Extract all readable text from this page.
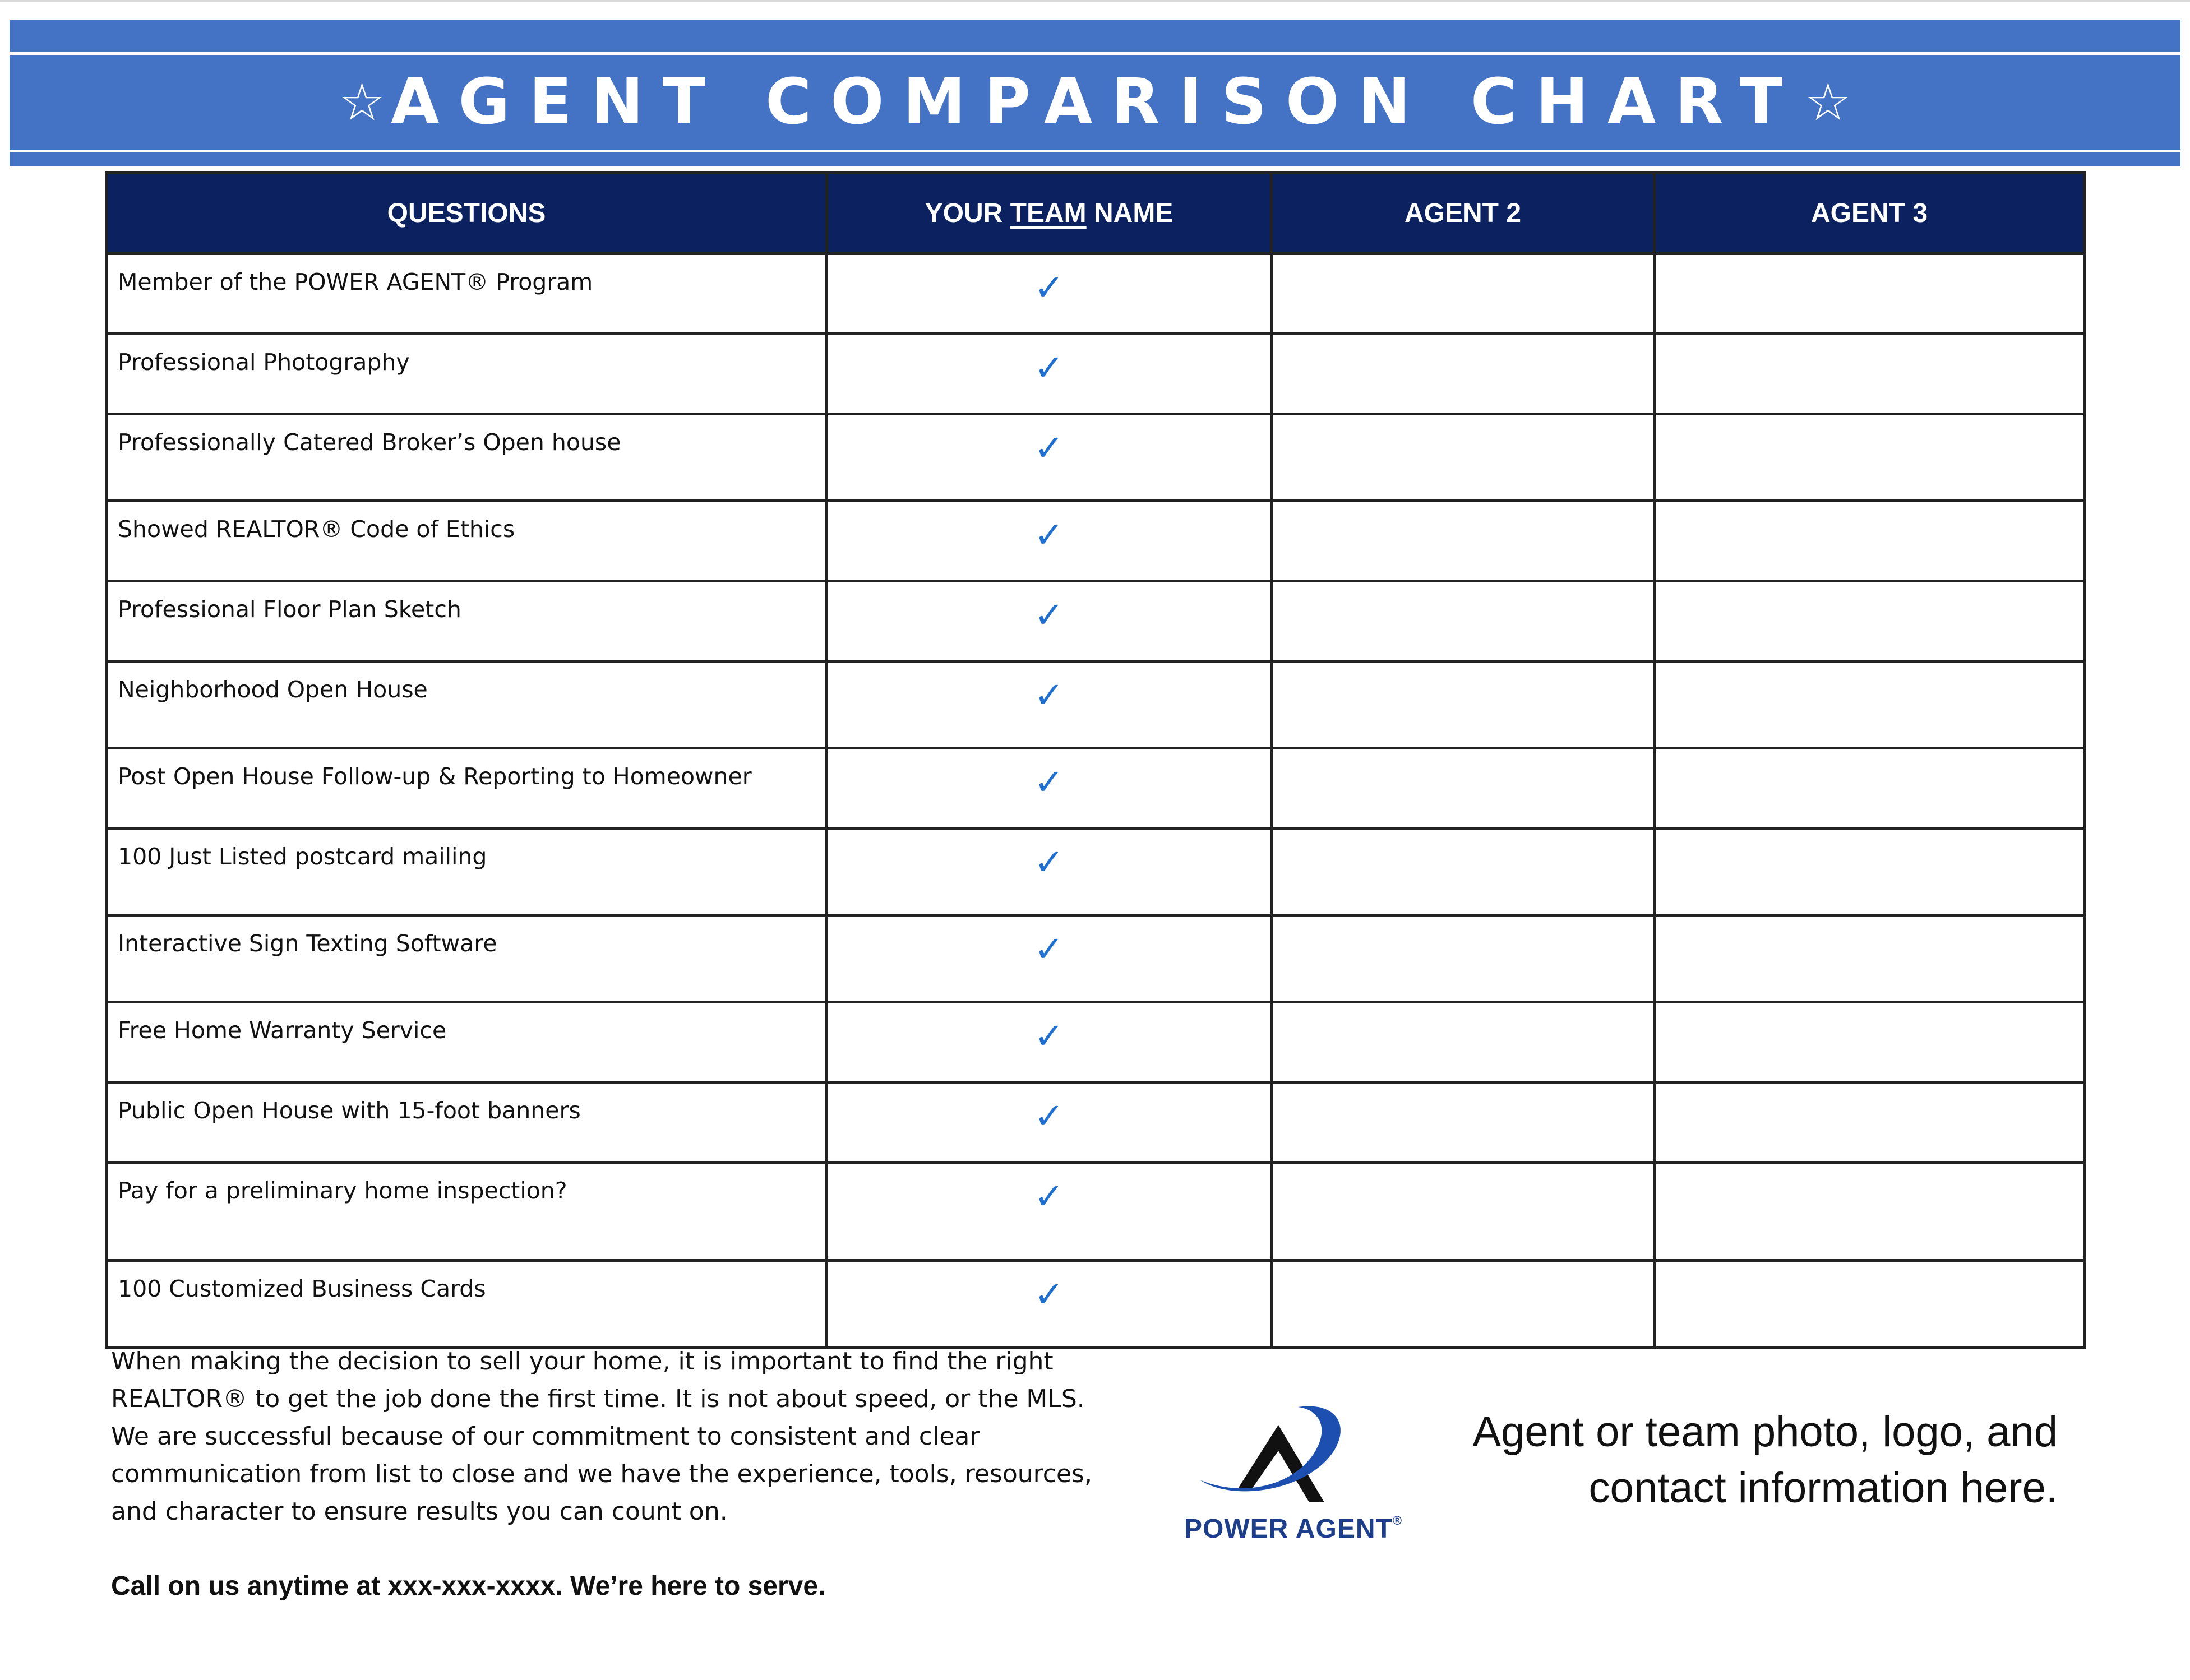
☆ AGENT COMPARISON CHART ☆
QUESTIONS	YOUR TEAM NAME	AGENT 2	AGENT 3
Member of the POWER AGENT® Program	✓		
Professional Photography	✓		
Professionally Catered Broker’s Open house	✓		
Showed REALTOR® Code of Ethics	✓		
Professional Floor Plan Sketch	✓		
Neighborhood Open House	✓		
Post Open House Follow-up & Reporting to Homeowner	✓		
100 Just Listed postcard mailing	✓		
Interactive Sign Texting Software	✓		
Free Home Warranty Service	✓		
Public Open House with 15-foot banners	✓		
Pay for a preliminary home inspection?	✓		
100 Customized Business Cards	✓		
When making the decision to sell your home, it is important to find the right
REALTOR® to get the job done the first time. It is not about speed, or the MLS.
We are successful because of our commitment to consistent and clear
communication from list to close and we have the experience, tools, resources,
and character to ensure results you can count on.
Call on us anytime at xxx-xxx-xxxx. We’re here to serve.
POWER AGENT®
Agent or team photo, logo, and
contact information here.
